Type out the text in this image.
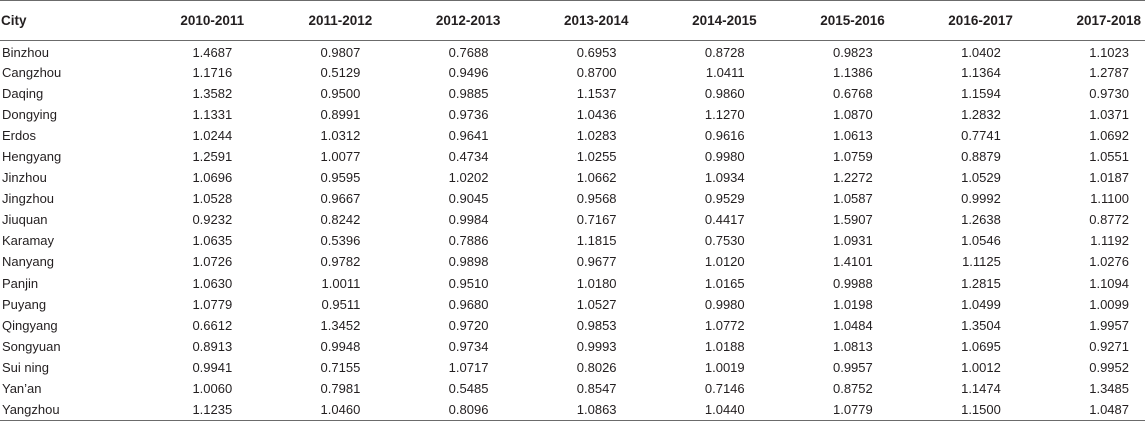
City	2010-2011	2011-2012	2012-2013	2013-2014	2014-2015	2015-2016	2016-2017	2017-2018
Binzhou	1.4687	0.9807	0.7688	0.6953	0.8728	0.9823	1.0402	1.1023
Cangzhou	1.1716	0.5129	0.9496	0.8700	1.0411	1.1386	1.1364	1.2787
Daqing	1.3582	0.9500	0.9885	1.1537	0.9860	0.6768	1.1594	0.9730
Dongying	1.1331	0.8991	0.9736	1.0436	1.1270	1.0870	1.2832	1.0371
Erdos	1.0244	1.0312	0.9641	1.0283	0.9616	1.0613	0.7741	1.0692
Hengyang	1.2591	1.0077	0.4734	1.0255	0.9980	1.0759	0.8879	1.0551
Jinzhou	1.0696	0.9595	1.0202	1.0662	1.0934	1.2272	1.0529	1.0187
Jingzhou	1.0528	0.9667	0.9045	0.9568	0.9529	1.0587	0.9992	1.1100
Jiuquan	0.9232	0.8242	0.9984	0.7167	0.4417	1.5907	1.2638	0.8772
Karamay	1.0635	0.5396	0.7886	1.1815	0.7530	1.0931	1.0546	1.1192
Nanyang	1.0726	0.9782	0.9898	0.9677	1.0120	1.4101	1.1125	1.0276
Panjin	1.0630	1.0011	0.9510	1.0180	1.0165	0.9988	1.2815	1.1094
Puyang	1.0779	0.9511	0.9680	1.0527	0.9980	1.0198	1.0499	1.0099
Qingyang	0.6612	1.3452	0.9720	0.9853	1.0772	1.0484	1.3504	1.9957
Songyuan	0.8913	0.9948	0.9734	0.9993	1.0188	1.0813	1.0695	0.9271
Sui ning	0.9941	0.7155	1.0717	0.8026	1.0019	0.9957	1.0012	0.9952
Yan’an	1.0060	0.7981	0.5485	0.8547	0.7146	0.8752	1.1474	1.3485
Yangzhou	1.1235	1.0460	0.8096	1.0863	1.0440	1.0779	1.1500	1.0487
